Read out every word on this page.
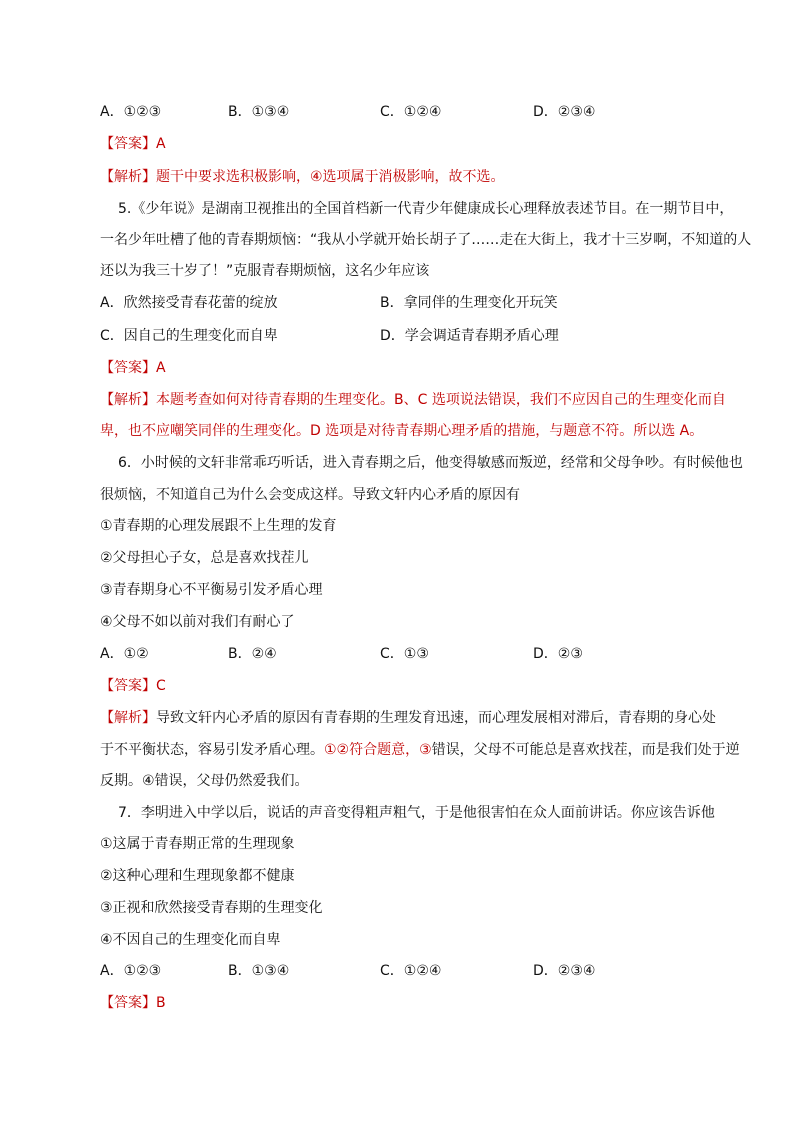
A．①②③	B．①③④	C．①②④	D．②③④
【答案】A
【解析】题干中要求选积极影响，④选项属于消极影响，故不选。
5.《少年说》是湖南卫视推出的全国首档新一代青少年健康成长心理释放表述节目。在一期节目中，
一名少年吐槽了他的青春期烦恼：“我从小学就开始长胡子了……走在大街上，我才十三岁啊，不知道的人
还以为我三十岁了！”克服青春期烦恼，这名少年应该
A．欣然接受青春花蕾的绽放	B．拿同伴的生理变化开玩笑
C．因自己的生理变化而自卑	D．学会调适青春期矛盾心理
【答案】A
【解析】本题考查如何对待青春期的生理变化。B、C 选项说法错误，我们不应因自己的生理变化而自
卑，也不应嘲笑同伴的生理变化。D 选项是对待青春期心理矛盾的措施，与题意不符。所以选 A。
6．小时候的文轩非常乖巧听话，进入青春期之后，他变得敏感而叛逆，经常和父母争吵。有时候他也
很烦恼，不知道自己为什么会变成这样。导致文轩内心矛盾的原因有
①青春期的心理发展跟不上生理的发育
②父母担心子女，总是喜欢找茬儿
③青春期身心不平衡易引发矛盾心理
④父母不如以前对我们有耐心了
A．①②	B．②④	C．①③	D．②③
【答案】C
【解析】导致文轩内心矛盾的原因有青春期的生理发育迅速，而心理发展相对滞后，青春期的身心处
于不平衡状态，容易引发矛盾心理。①②符合题意，③错误，父母不可能总是喜欢找茬，而是我们处于逆
反期。④错误，父母仍然爱我们。
7．李明进入中学以后，说话的声音变得粗声粗气，于是他很害怕在众人面前讲话。你应该告诉他
①这属于青春期正常的生理现象
②这种心理和生理现象都不健康
③正视和欣然接受青春期的生理变化
④不因自己的生理变化而自卑
A．①②③	B．①③④	C．①②④	D．②③④
【答案】B
